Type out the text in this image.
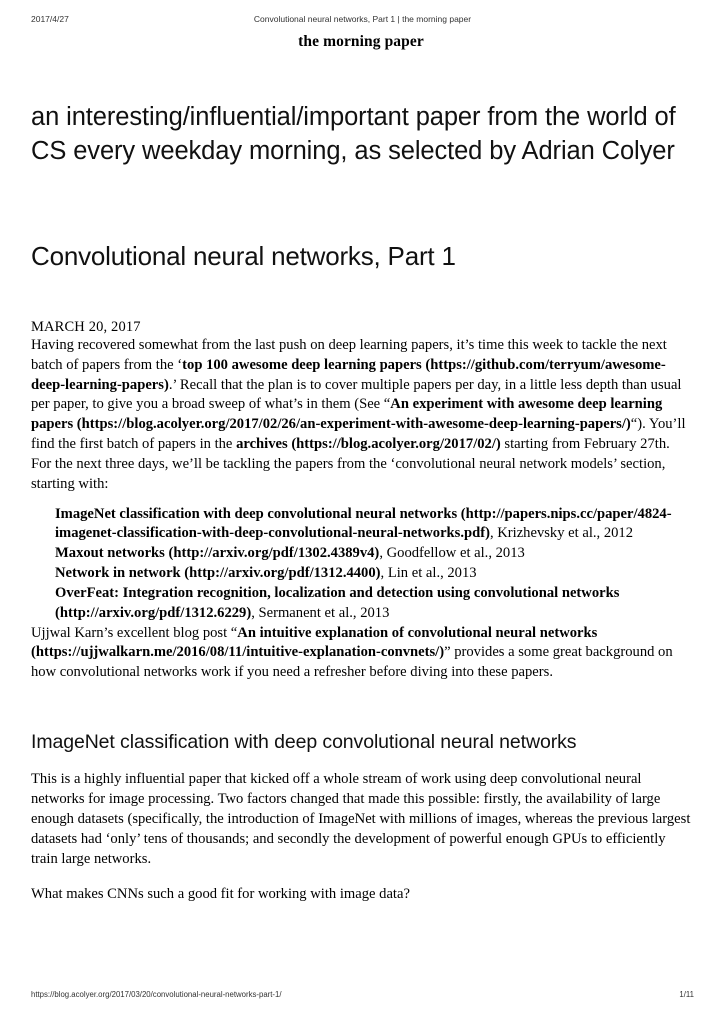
2017/4/27	Convolutional neural networks, Part 1 | the morning paper
the morning paper
an interesting/influential/important paper from the world of CS every weekday morning, as selected by Adrian Colyer
Convolutional neural networks, Part 1
MARCH 20, 2017

Having recovered somewhat from the last push on deep learning papers, it’s time this week to tackle the next batch of papers from the ‘top 100 awesome deep learning papers (https://github.com/terryum/awesome-deep-learning-papers).’ Recall that the plan is to cover multiple papers per day, in a little less depth than usual per paper, to give you a broad sweep of what’s in them (See “An experiment with awesome deep learning papers (https://blog.acolyer.org/2017/02/26/an-experiment-with-awesome-deep-learning-papers/)“). You’ll find the first batch of papers in the archives (https://blog.acolyer.org/2017/02/) starting from February 27th. For the next three days, we’ll be tackling the papers from the ‘convolutional neural network models’ section, starting with:

ImageNet classification with deep convolutional neural networks (http://papers.nips.cc/paper/4824-imagenet-classification-with-deep-convolutional-neural-networks.pdf), Krizhevsky et al., 2012
Maxout networks (http://arxiv.org/pdf/1302.4389v4), Goodfellow et al., 2013
Network in network (http://arxiv.org/pdf/1312.4400), Lin et al., 2013
OverFeat: Integration recognition, localization and detection using convolutional networks (http://arxiv.org/pdf/1312.6229), Sermanent et al., 2013

Ujjwal Karn’s excellent blog post “An intuitive explanation of convolutional neural networks (https://ujjwalkarn.me/2016/08/11/intuitive-explanation-convnets/)” provides a some great background on how convolutional networks work if you need a refresher before diving into these papers.

ImageNet classification with deep convolutional neural networks

This is a highly influential paper that kicked off a whole stream of work using deep convolutional neural networks for image processing. Two factors changed that made this possible: firstly, the availability of large enough datasets (specifically, the introduction of ImageNet with millions of images, whereas the previous largest datasets had ‘only’ tens of thousands; and secondly the development of powerful enough GPUs to efficiently train large networks.

What makes CNNs such a good fit for working with image data?

https://blog.acolyer.org/2017/03/20/convolutional-neural-networks-part-1/	1/11
